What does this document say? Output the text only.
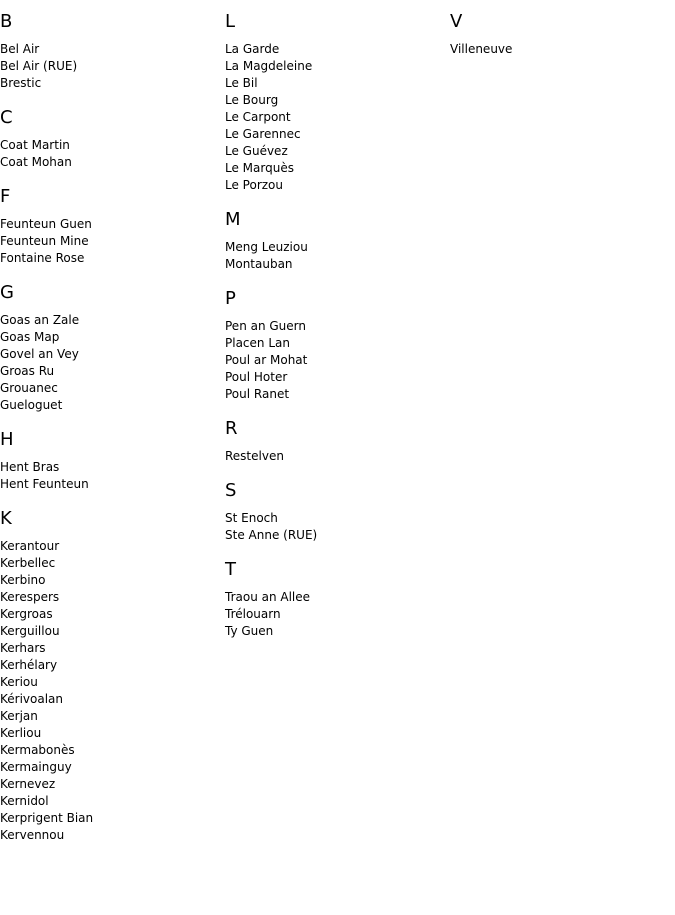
B
Bel Air
Bel Air (RUE)
Brestic
C
Coat Martin
Coat Mohan
F
Feunteun Guen
Feunteun Mine
Fontaine Rose
G
Goas an Zale
Goas Map
Govel an Vey
Groas Ru
Grouanec
Gueloguet
H
Hent Bras
Hent Feunteun
K
Kerantour
Kerbellec
Kerbino
Kerespers
Kergroas
Kerguillou
Kerhars
Kerhélary
Keriou
Kérivoalan
Kerjan
Kerliou
Kermabonès
Kermainguy
Kernevez
Kernidol
Kerprigent Bian
Kervennou
L
La Garde
La Magdeleine
Le Bil
Le Bourg
Le Carpont
Le Garennec
Le Guévez
Le Marquès
Le Porzou
M
Meng Leuziou
Montauban
P
Pen an Guern
Placen Lan
Poul ar Mohat
Poul Hoter
Poul Ranet
R
Restelven
S
St Enoch
Ste Anne (RUE)
T
Traou an Allee
Trélouarn
Ty Guen
V
Villeneuve
